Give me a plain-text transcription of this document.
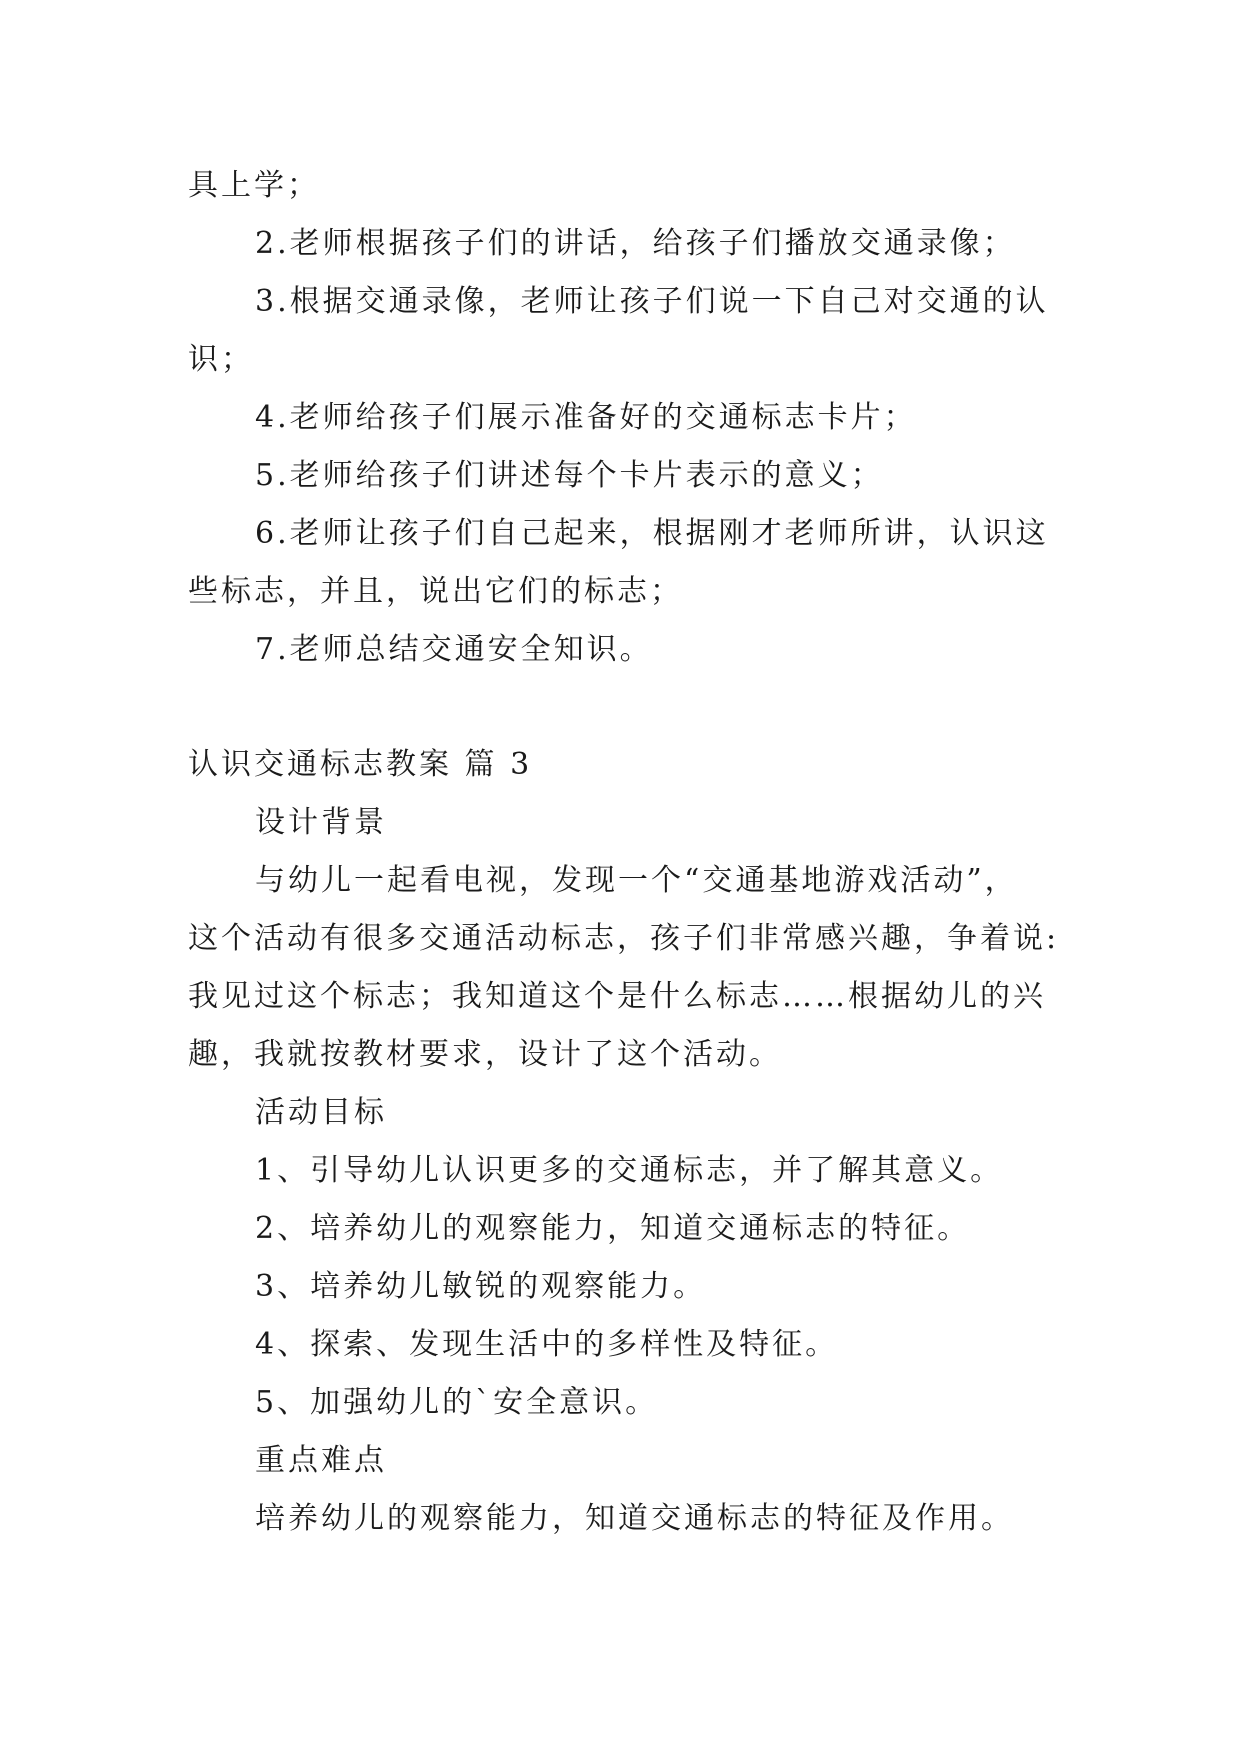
具上学；
2.老师根据孩子们的讲话，给孩子们播放交通录像；
3.根据交通录像，老师让孩子们说一下自己对交通的认
识；
4.老师给孩子们展示准备好的交通标志卡片；
5.老师给孩子们讲述每个卡片表示的意义；
6.老师让孩子们自己起来，根据刚才老师所讲，认识这
些标志，并且，说出它们的标志；
7.老师总结交通安全知识。
认识交通标志教案 篇 3
设计背景
与幼儿一起看电视，发现一个“交通基地游戏活动”，
这个活动有很多交通活动标志，孩子们非常感兴趣，争着说:
我见过这个标志；我知道这个是什么标志……根据幼儿的兴
趣，我就按教材要求，设计了这个活动。
活动目标
1、引导幼儿认识更多的交通标志，并了解其意义。
2、培养幼儿的观察能力，知道交通标志的特征。
3、培养幼儿敏锐的观察能力。
4、探索、发现生活中的多样性及特征。
5、加强幼儿的`安全意识。
重点难点
培养幼儿的观察能力，知道交通标志的特征及作用。
